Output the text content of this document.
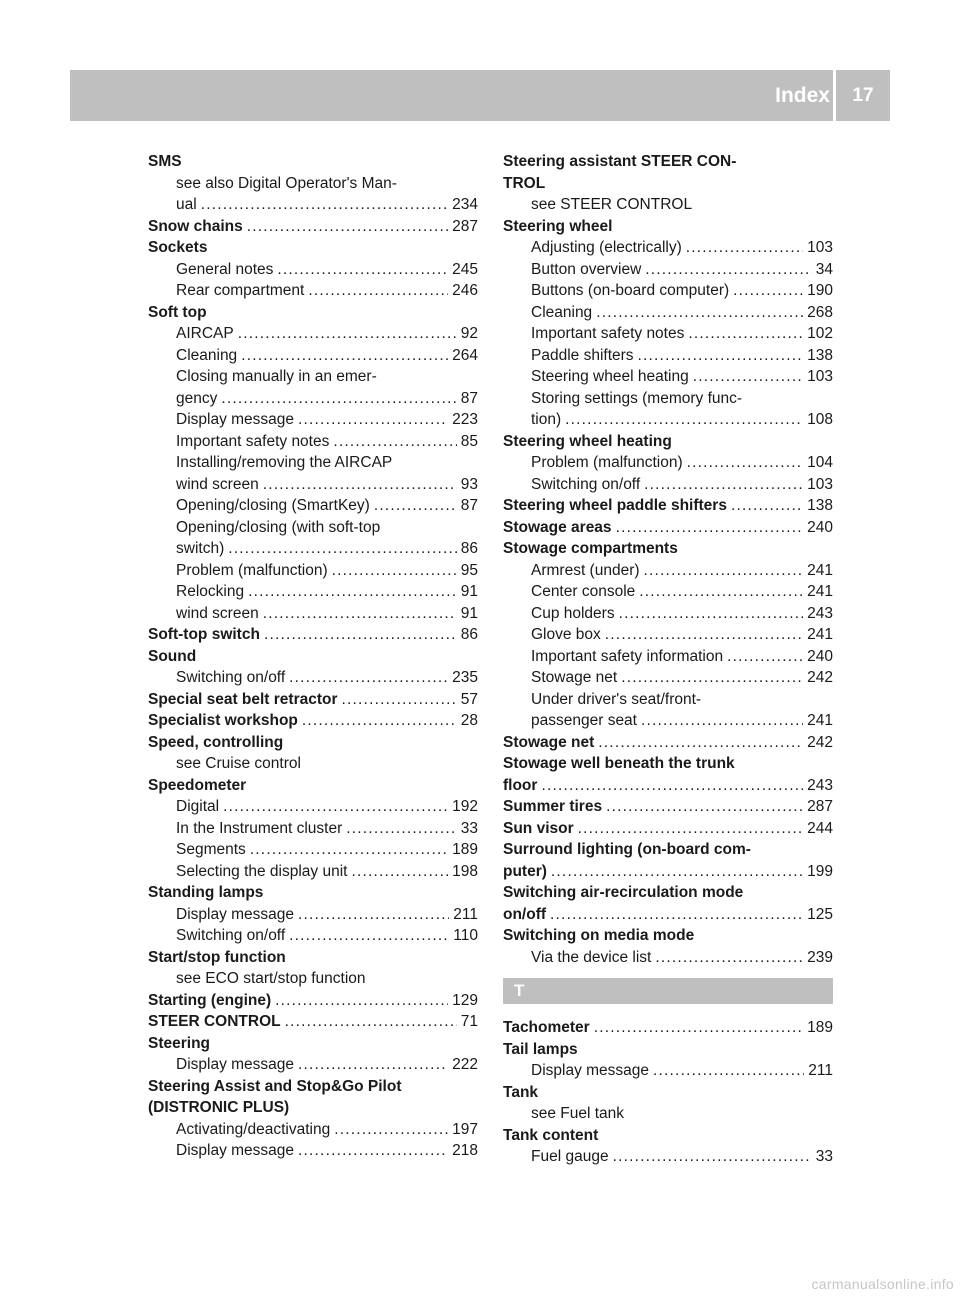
Index	17
SMS
see also Digital Operator's Man-
ual .....	234
Snow chains .....	287
Sockets
General notes .....	245
Rear compartment .....	246
Soft top
AIRCAP .....	92
Cleaning .....	264
Closing manually in an emer-
gency .....	87
Display message .....	223
Important safety notes .....	85
Installing/removing the AIRCAP
wind screen .....	93
Opening/closing (SmartKey) .....	87
Opening/closing (with soft-top
switch) .....	86
Problem (malfunction) .....	95
Relocking .....	91
wind screen .....	91
Soft-top switch .....	86
Sound
Switching on/off .....	235
Special seat belt retractor .....	57
Specialist workshop .....	28
Speed, controlling
see Cruise control
Speedometer
Digital .....	192
In the Instrument cluster .....	33
Segments .....	189
Selecting the display unit .....	198
Standing lamps
Display message .....	211
Switching on/off .....	110
Start/stop function
see ECO start/stop function
Starting (engine) .....	129
STEER CONTROL .....	71
Steering
Display message .....	222
Steering Assist and Stop&Go Pilot
(DISTRONIC PLUS)
Activating/deactivating .....	197
Display message .....	218
Steering assistant STEER CON-
TROL
see STEER CONTROL
Steering wheel
Adjusting (electrically) .....	103
Button overview .....	34
Buttons (on-board computer) .....	190
Cleaning .....	268
Important safety notes .....	102
Paddle shifters .....	138
Steering wheel heating .....	103
Storing settings (memory func-
tion) .....	108
Steering wheel heating
Problem (malfunction) .....	104
Switching on/off .....	103
Steering wheel paddle shifters .....	138
Stowage areas .....	240
Stowage compartments
Armrest (under) .....	241
Center console .....	241
Cup holders .....	243
Glove box .....	241
Important safety information .....	240
Stowage net .....	242
Under driver's seat/front-
passenger seat .....	241
Stowage net .....	242
Stowage well beneath the trunk
floor .....	243
Summer tires .....	287
Sun visor .....	244
Surround lighting (on-board com-
puter) .....	199
Switching air-recirculation mode
on/off .....	125
Switching on media mode
Via the device list .....	239
T
Tachometer .....	189
Tail lamps
Display message .....	211
Tank
see Fuel tank
Tank content
Fuel gauge .....	33
carmanualsonline.info
